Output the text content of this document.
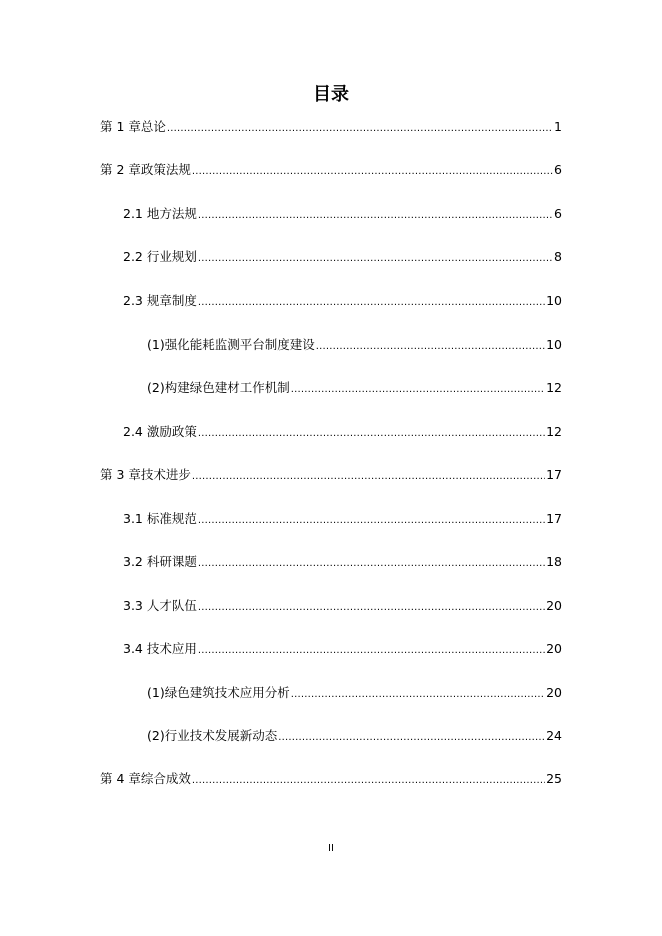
目录
第 1 章总论 .....	1
第 2 章政策法规 .....	6
2.1 地方法规 .....	6
2.2 行业规划 .....	8
2.3 规章制度 .....	10
(1)强化能耗监测平台制度建设 .....	10
(2)构建绿色建材工作机制 .....	12
2.4 激励政策 .....	12
第 3 章技术进步 .....	17
3.1 标准规范 .....	17
3.2 科研课题 .....	18
3.3 人才队伍 .....	20
3.4 技术应用 .....	20
(1)绿色建筑技术应用分析 .....	20
(2)行业技术发展新动态 .....	24
第 4 章综合成效 .....	25
II
